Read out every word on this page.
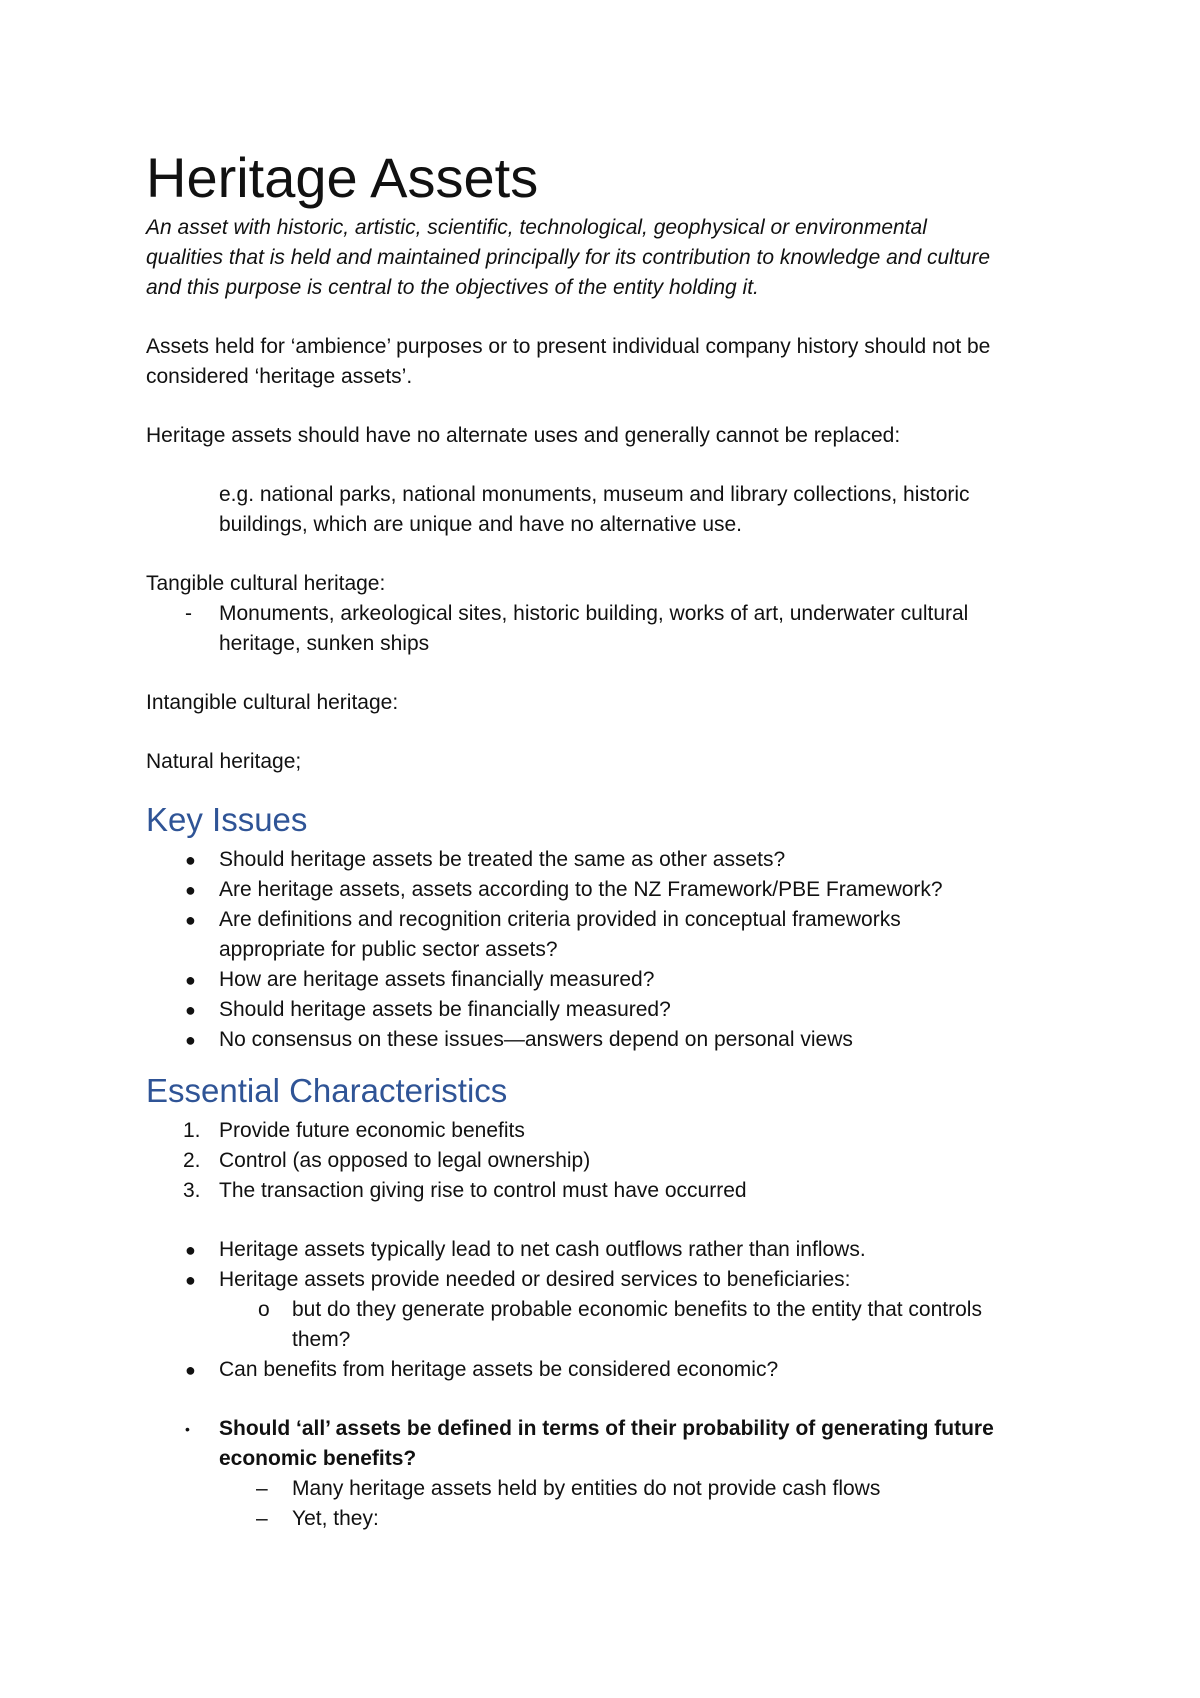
Heritage Assets
An asset with historic, artistic, scientific, technological, geophysical or environmental
qualities that is held and maintained principally for its contribution to knowledge and culture
and this purpose is central to the objectives of the entity holding it.
Assets held for ‘ambience’ purposes or to present individual company history should not be
considered ‘heritage assets’.
Heritage assets should have no alternate uses and generally cannot be replaced:
e.g. national parks, national monuments, museum and library collections, historic
buildings, which are unique and have no alternative use.
Tangible cultural heritage:
- Monuments, arkeological sites, historic building, works of art, underwater cultural
heritage, sunken ships
Intangible cultural heritage:
Natural heritage;
Key Issues
● Should heritage assets be treated the same as other assets?
● Are heritage assets, assets according to the NZ Framework/PBE Framework?
● Are definitions and recognition criteria provided in conceptual frameworks
appropriate for public sector assets?
● How are heritage assets financially measured?
● Should heritage assets be financially measured?
● No consensus on these issues—answers depend on personal views
Essential Characteristics
1. Provide future economic benefits
2. Control (as opposed to legal ownership)
3. The transaction giving rise to control must have occurred
● Heritage assets typically lead to net cash outflows rather than inflows.
● Heritage assets provide needed or desired services to beneficiaries:
o but do they generate probable economic benefits to the entity that controls
them?
● Can benefits from heritage assets be considered economic?
• Should ‘all’ assets be defined in terms of their probability of generating future
economic benefits?
– Many heritage assets held by entities do not provide cash flows
– Yet, they:
